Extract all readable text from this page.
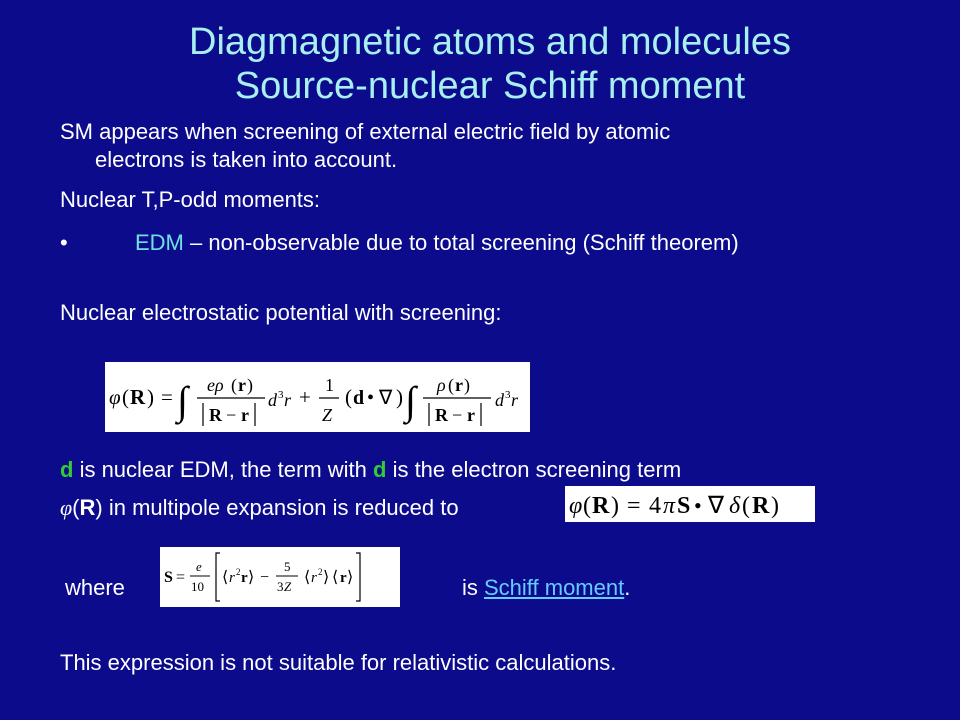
Diagmagnetic atoms and molecules
Source-nuclear Schiff moment
SM appears when screening of external electric field by atomic
electrons is taken into account.
Nuclear T,P-odd moments:
•	EDM – non-observable due to total screening (Schiff theorem)
Nuclear electrostatic potential with screening:
φ ( R ) = ∫ eρ ( r )
R − r
d 3 r + 1
Z
( d • ∇ ) ∫ ρ ( r )
R − r
d 3 r
d is nuclear EDM, the term with d is the electron screening term
φ(R) in multipole expansion is reduced to	φ ( R ) = 4 π S • ∇ δ ( R )
where S =
e
10
⟨ r 2 r ⟩ −
5
3 Z
⟨ r 2 ⟩ ⟨ r ⟩	is Schiff moment.
This expression is not suitable for relativistic calculations.
